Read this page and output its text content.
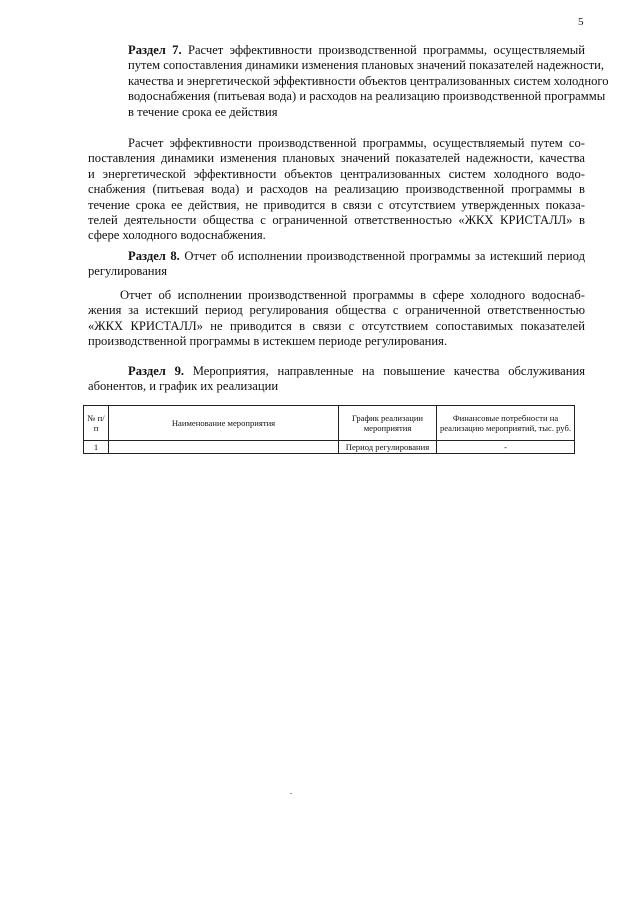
5

Раздел 7. Расчет эффективности производственной программы, осуществляемый
путем сопоставления динамики изменения плановых значений показателей надежности,
качества и энергетической эффективности объектов централизованных систем холодного
водоснабжения (питьевая вода) и расходов на реализацию производственной программы
в течение срока ее действия

Расчет эффективности производственной программы, осуществляемый путем со-
поставления динамики изменения плановых значений показателей надежности, качества
и энергетической эффективности объектов централизованных систем холодного водо-
снабжения (питьевая вода) и расходов на реализацию производственной программы в
течение срока ее действия, не приводится в связи с отсутствием утвержденных показа-
телей деятельности общества с ограниченной ответственностью «ЖКХ КРИСТАЛЛ» в
сфере холодного водоснабжения.

Раздел 8. Отчет об исполнении производственной программы за истекший период
регулирования

Отчет об исполнении производственной программы в сфере холодного водоснаб-
жения за истекший период регулирования общества с ограниченной ответственностью
«ЖКХ КРИСТАЛЛ» не приводится в связи с отсутствием сопоставимых показателей
производственной программы в истекшем периоде регулирования.

Раздел 9. Мероприятия, направленные на повышение качества обслуживания
абонентов, и график их реализации

№ п/п	Наименование мероприятия	График реализации мероприятия	Финансовые потребности на реализацию мероприятий, тыс. руб.
1		Период регулирования	-
